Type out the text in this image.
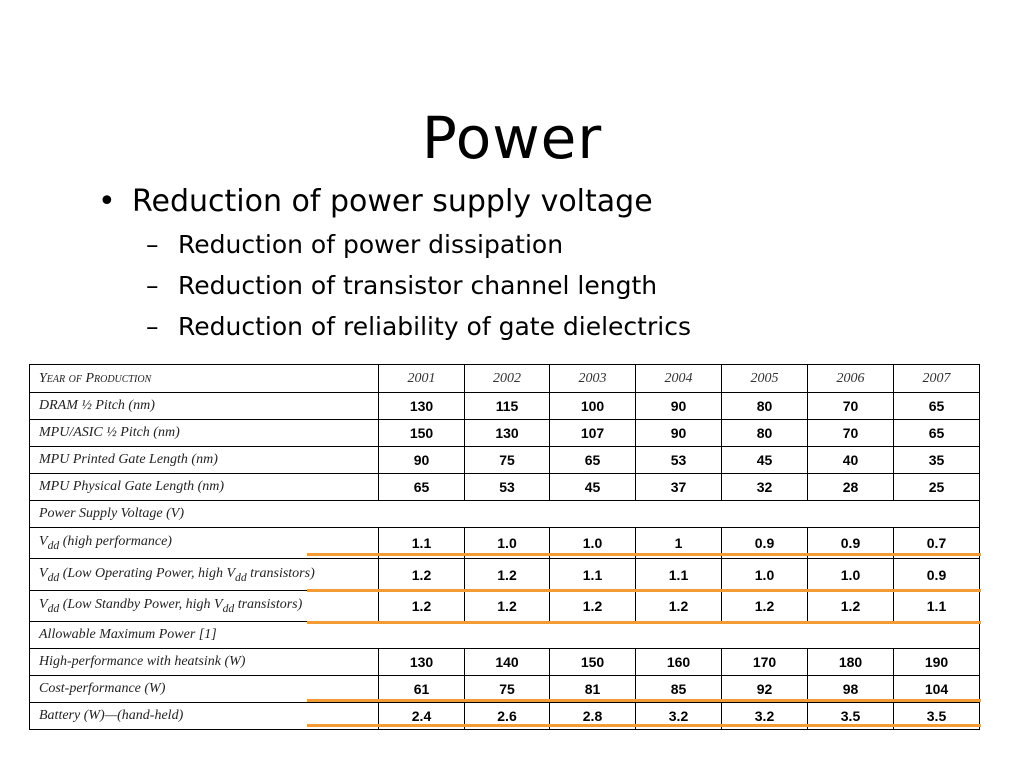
Power
• Reduction of power supply voltage
– Reduction of power dissipation
– Reduction of transistor channel length
– Reduction of reliability of gate dielectrics
Year of Production	2001	2002	2003	2004	2005	2006	2007
DRAM ½ Pitch (nm)	130	115	100	90	80	70	65
MPU/ASIC ½ Pitch (nm)	150	130	107	90	80	70	65
MPU Printed Gate Length (nm)	90	75	65	53	45	40	35
MPU Physical Gate Length (nm)	65	53	45	37	32	28	25
Power Supply Voltage (V)							
$V_{dd}$ (high performance)	1.1	1.0	1.0	1	0.9	0.9	0.7
$V_{dd}$ (Low Operating Power, high $V_{dd}$ transistors)	1.2	1.2	1.1	1.1	1.0	1.0	0.9
$V_{dd}$ (Low Standby Power, high $V_{dd}$ transistors)	1.2	1.2	1.2	1.2	1.2	1.2	1.1
Allowable Maximum Power [1]							
High-performance with heatsink (W)	130	140	150	160	170	180	190
Cost-performance (W)	61	75	81	85	92	98	104
Battery (W)—(hand-held)	2.4	2.6	2.8	3.2	3.2	3.5	3.5
